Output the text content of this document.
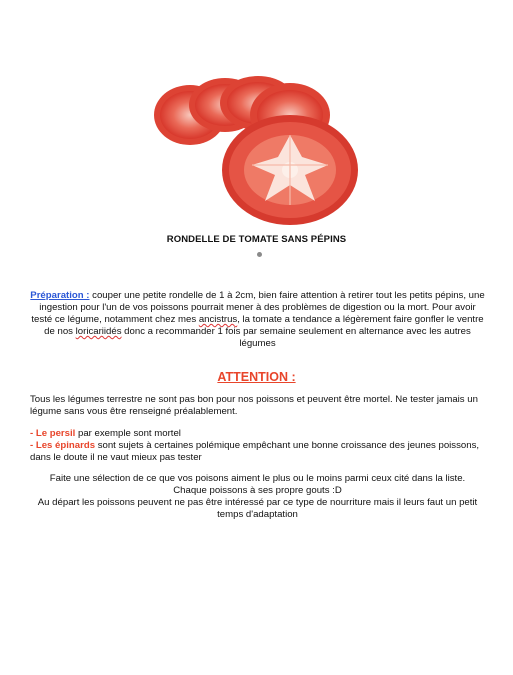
RONDELLE DE TOMATE SANS PÉPINS
Préparation : couper une petite rondelle de 1 à 2cm, bien faire attention à retirer tout les petits pépins, une ingestion pour l'un de vos poissons pourrait mener à des problèmes de digestion ou la mort. Pour avoir testé ce légume, notamment chez mes ancistrus, la tomate a tendance a légèrement faire gonfler le ventre de nos loricariidés donc a recommander 1 fois par semaine seulement en alternance avec les autres légumes
ATTENTION :
Tous les légumes terrestre ne sont pas bon pour nos poissons et peuvent être mortel. Ne tester jamais un légume sans vous être renseigné préalablement.
- Le persil par exemple sont mortel
- Les épinards sont sujets à certaines polémique empêchant une bonne croissance des jeunes poissons, dans le doute il ne vaut mieux pas tester
Faite une sélection de ce que vos poisons aiment le plus ou le moins parmi ceux cité dans la liste.
Chaque poissons à ses propre gouts :D
Au départ les poissons peuvent ne pas être intéressé par ce type de nourriture mais il leurs faut un petit temps d'adaptation
